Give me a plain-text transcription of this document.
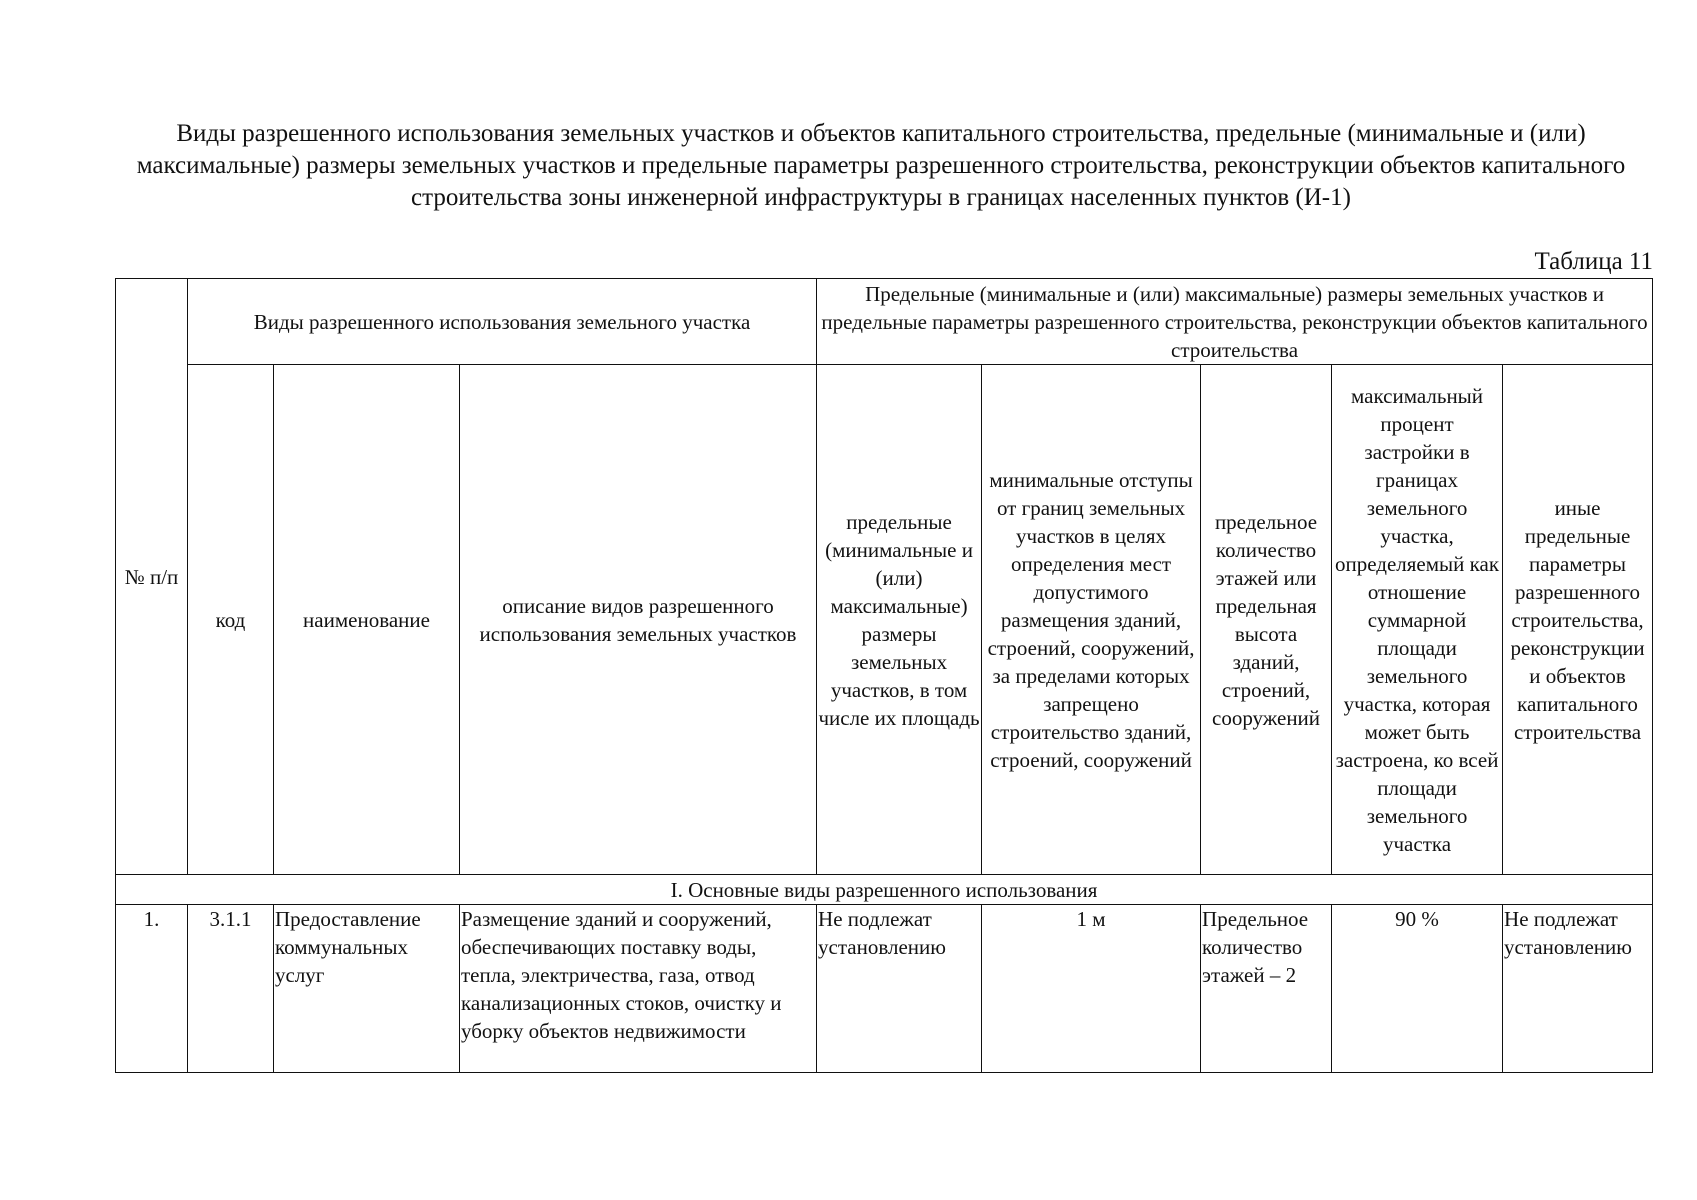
Виды разрешенного использования земельных участков и объектов капитального строительства, предельные (минимальные и (или) максимальные) размеры земельных участков и предельные параметры разрешенного строительства, реконструкции объектов капитального строительства зоны инженерной инфраструктуры в границах населенных пунктов (И-1)
Таблица 11
№ п/п	Виды разрешенного использования земельного участка			Предельные (минимальные и (или) максимальные) размеры земельных участков и предельные параметры разрешенного строительства, реконструкции объектов капитального строительства				
	код	наименование	описание видов разрешенного использования земельных участков	предельные (минимальные и (или) максимальные) размеры земельных участков, в том числе их площадь	минимальные отступы от границ земельных участков в целях определения мест допустимого размещения зданий, строений, сооружений, за пределами которых запрещено строительство зданий, строений, сооружений	предельное количество этажей или предельная высота зданий, строений, сооружений	максимальный процент застройки в границах земельного участка, определяемый как отношение суммарной площади земельного участка, которая может быть застроена, ко всей площади земельного участка	иные предельные параметры разрешенного строительства, реконструкции и объектов капитального строительства
I. Основные виды разрешенного использования								
1.	3.1.1	Предоставление коммунальных услуг	Размещение зданий и сооружений, обеспечивающих поставку воды, тепла, электричества, газа, отвод канализационных стоков, очистку и уборку объектов недвижимости	Не подлежат установлению	1 м	Предельное количество этажей – 2	90 %	Не подлежат установлению
